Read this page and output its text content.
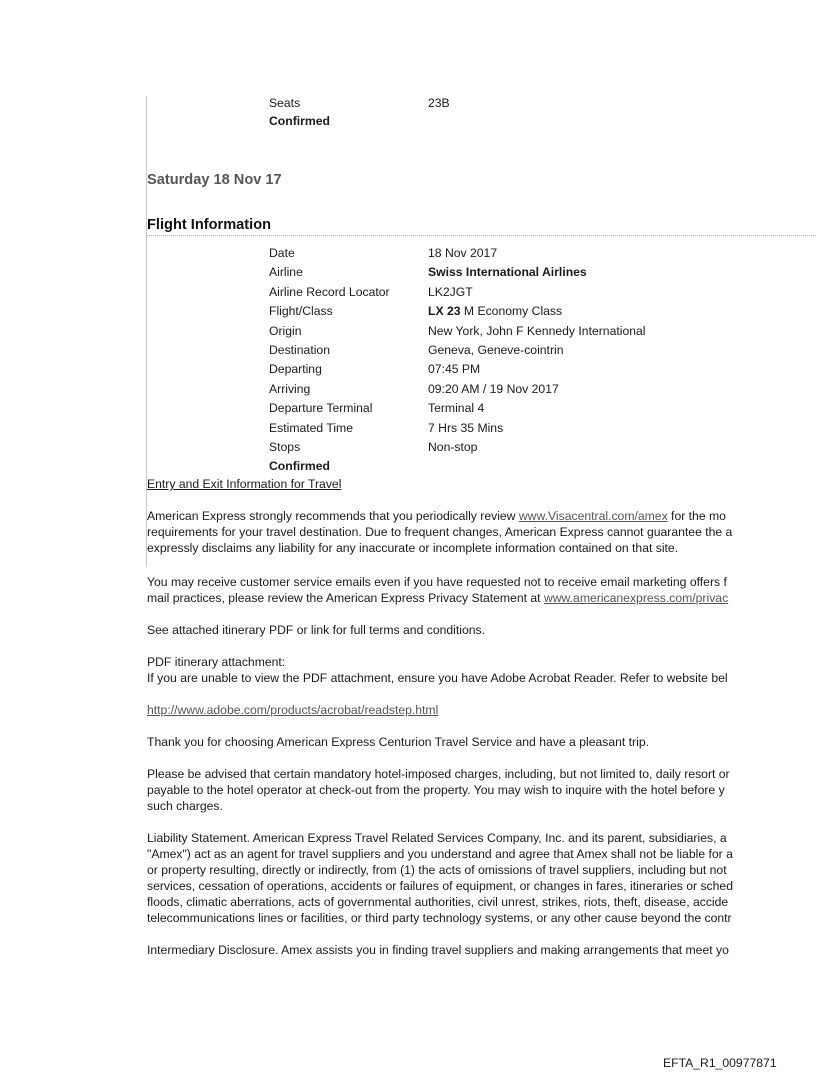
Seats	23B
Confirmed
Saturday 18 Nov 17
Flight Information
Date	18 Nov 2017
Airline	Swiss International Airlines
Airline Record Locator	LK2JGT
Flight/Class	LX 23 M Economy Class
Origin	New York, John F Kennedy International
Destination	Geneva, Geneve-cointrin
Departing	07:45 PM
Arriving	09:20 AM / 19 Nov 2017
Departure Terminal	Terminal 4
Estimated Time	7 Hrs 35 Mins
Stops	Non-stop
Confirmed
Entry and Exit Information for Travel
American Express strongly recommends that you periodically review www.Visacentral.com/amex for the mo
requirements for your travel destination. Due to frequent changes, American Express cannot guarantee the a
expressly disclaims any liability for any inaccurate or incomplete information contained on that site.
You may receive customer service emails even if you have requested not to receive email marketing offers f
mail practices, please review the American Express Privacy Statement at www.americanexpress.com/privac
See attached itinerary PDF or link for full terms and conditions.
PDF itinerary attachment:
If you are unable to view the PDF attachment, ensure you have Adobe Acrobat Reader. Refer to website bel
http://www.adobe.com/products/acrobat/readstep.html
Thank you for choosing American Express Centurion Travel Service and have a pleasant trip.
Please be advised that certain mandatory hotel-imposed charges, including, but not limited to, daily resort or
payable to the hotel operator at check-out from the property. You may wish to inquire with the hotel before y
such charges.
Liability Statement. American Express Travel Related Services Company, Inc. and its parent, subsidiaries, a
"Amex") act as an agent for travel suppliers and you understand and agree that Amex shall not be liable for a
or property resulting, directly or indirectly, from (1) the acts of omissions of travel suppliers, including but not
services, cessation of operations, accidents or failures of equipment, or changes in fares, itineraries or sched
floods, climatic aberrations, acts of governmental authorities, civil unrest, strikes, riots, theft, disease, accide
telecommunications lines or facilities, or third party technology systems, or any other cause beyond the contr
Intermediary Disclosure. Amex assists you in finding travel suppliers and making arrangements that meet yo
EFTA_R1_00977871
